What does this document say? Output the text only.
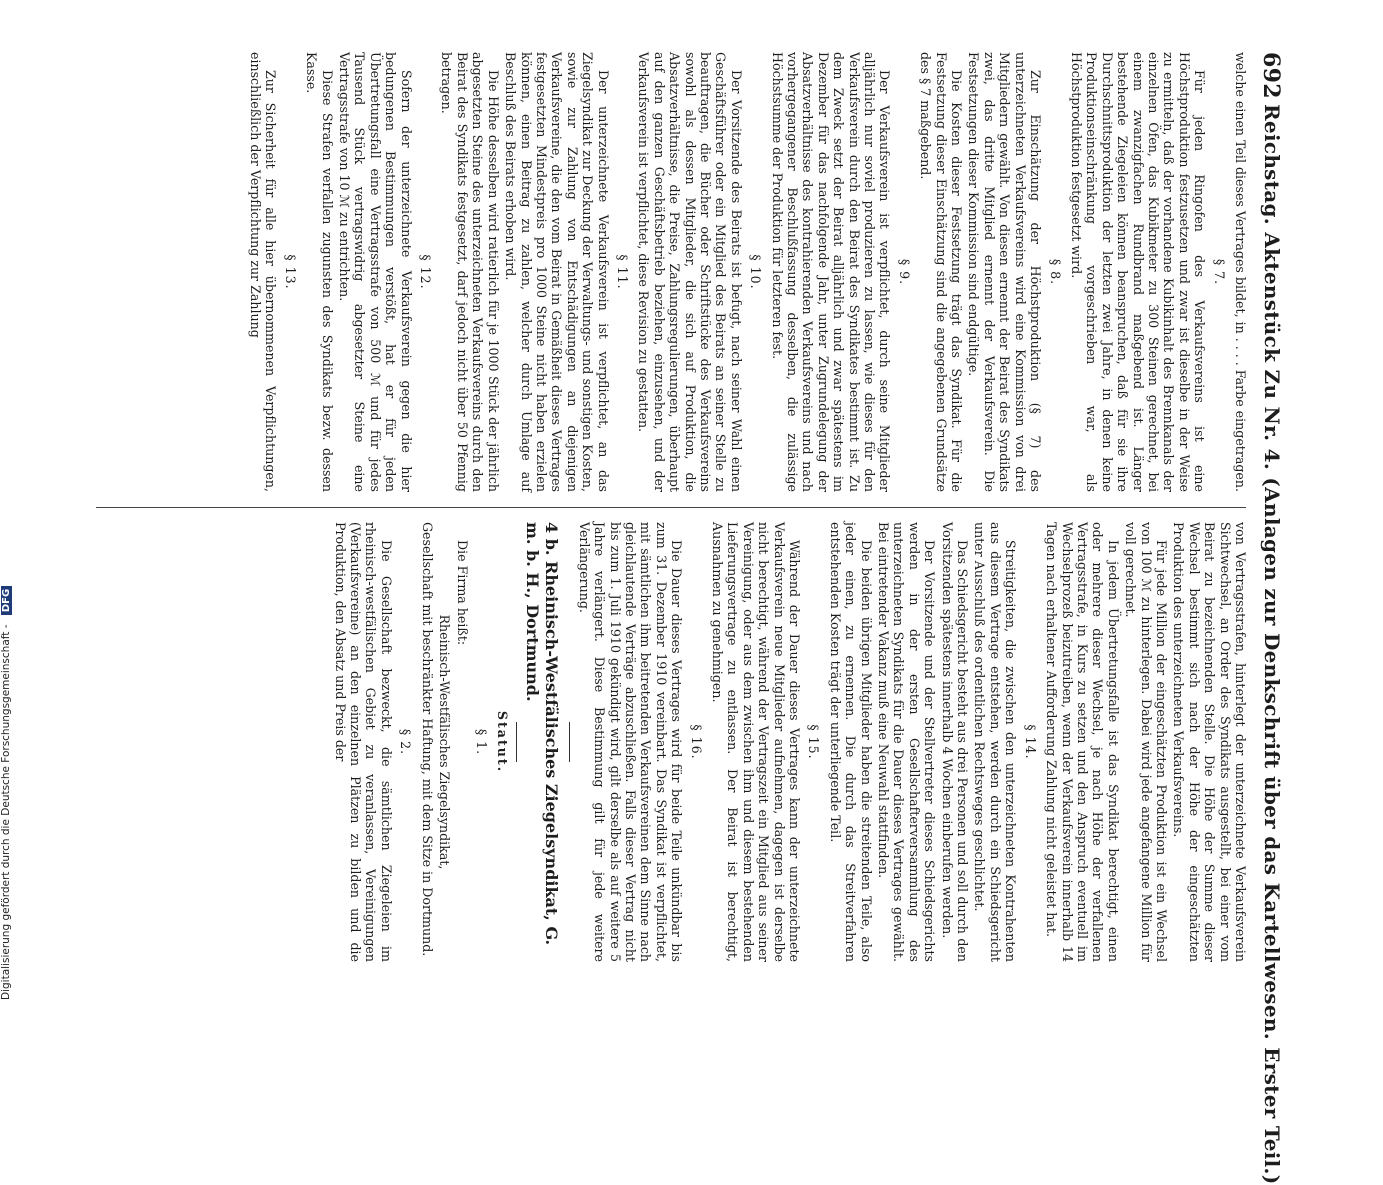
692
Reichstag. Aktenstück Zu Nr. 4. (Anlagen zur Denkschrift über das Kartellwesen. Erster Teil.)

welche einen Teil dieses Vertrages bildet, in . . . . Farbe eingetragen.

§ 7.

Für jeden Ringofen des Verkaufsvereins ist eine Höchstproduktion festzusetzen und zwar ist dieselbe in der Weise zu ermitteln, daß der vorhandene Kubikinhalt des Brennkanals der einzelnen Öfen, das Kubikmeter zu 300 Steinen gerechnet, bei einem zwanzigfachen Rundbrand maßgebend ist. Länger bestehende Ziegeleien können beanspruchen, daß für sie ihre Durchschnittsproduktion der letzten zwei Jahre, in denen keine Produktionseinschränkung vorgeschrieben war, als Höchstproduktion festgesetzt wird.

§ 8.

Zur Einschätzung der Höchstproduktion (§ 7) des unterzeichneten Verkaufsvereins wird eine Kommission von drei Mitgliedern gewählt. Von diesen ernennt der Beirat des Syndikats zwei, das dritte Mitglied ernennt der Verkaufsverein. Die Festsetzungen dieser Kommission sind endgültige.

Die Kosten dieser Festsetzung trägt das Syndikat. Für die Festsetzung dieser Einschätzung sind die angegebenen Grundsätze des § 7 maßgebend.

§ 9.

Der Verkaufsverein ist verpflichtet, durch seine Mitglieder alljährlich nur soviel produzieren zu lassen, wie dieses für den Verkaufsverein durch den Beirat des Syndikates bestimmt ist. Zu dem Zweck setzt der Beirat alljährlich und zwar spätestens im Dezember für das nachfolgende Jahr, unter Zugrundelegung der Absatzverhältnisse des kontrahierenden Verkaufsvereins und nach vorhergegangener Beschlußfassung desselben, die zulässige Höchstsumme der Produktion für letzteren fest.

§ 10.

Der Vorsitzende des Beirats ist befugt, nach seiner Wahl einen Geschäftsführer oder ein Mitglied des Beirats an seiner Stelle zu beauftragen, die Bücher oder Schriftstücke des Verkaufsvereins sowohl als dessen Mitglieder, die sich auf Produktion, die Absatzverhältnisse, die Preise, Zahlungsregulierungen, überhaupt auf den ganzen Geschäftsbetrieb beziehen, einzusehen, und der Verkaufsverein ist verpflichtet, diese Revision zu gestatten.

§ 11.

Der unterzeichnete Verkaufsverein ist verpflichtet, an das Ziegelsyndikat zur Deckung der Verwaltungs- und sonstigen Kosten, sowie zur Zahlung von Entschädigungen an diejenigen Verkaufsvereine, die den vom Beirat in Gemäßheit dieses Vertrages festgesetzten Mindestpreis pro 1000 Steine nicht haben erzielen können, einen Beitrag zu zahlen, welcher durch Umlage auf Beschluß des Beirats erhoben wird.

Die Höhe desselben wird ratierlich für je 1000 Stück der jährlich abgesetzten Steine des unterzeichneten Verkaufsvereins durch den Beirat des Syndikats festgesetzt, darf jedoch nicht über 50 Pfennig betragen.

§ 12.

Sofern der unterzeichnete Verkaufsverein gegen die hier bedungenen Bestimmungen verstößt, hat er für jeden Übertretungsfall eine Vertragsstrafe von 500 ℳ und für jedes Tausend Stück vertragswidrig abgesetzter Steine eine Vertragsstrafe von 10 ℳ zu entrichten.

Diese Strafen verfallen zugunsten des Syndikats bezw. dessen Kasse.

§ 13.

Zur Sicherheit für alle hier übernommenen Verpflichtungen, einschließlich der Verpflichtung zur Zahlung

von Vertragsstrafen, hinterlegt der unterzeichnete Verkaufsverein Sichtwechsel, an Order des Syndikats ausgestellt, bei einer vom Beirat zu bezeichnenden Stelle. Die Höhe der Summe dieser Wechsel bestimmt sich nach der Höhe der eingeschätzten Produktion des unterzeichneten Verkaufsvereins.

Für jede Million der eingeschätzten Produktion ist ein Wechsel von 100 ℳ zu hinterlegen. Dabei wird jede angefangene Million für voll gerechnet.

In jedem Übertretungsfalle ist das Syndikat berechtigt, einen oder mehrere dieser Wechsel, je nach Höhe der verfallenen Vertragsstrafe, in Kurs zu setzen und den Anspruch eventuell im Wechselprozeß beizutreiben, wenn der Verkaufsverein innerhalb 14 Tagen nach erhaltener Aufforderung Zahlung nicht geleistet hat.

§ 14.

Streitigkeiten, die zwischen den unterzeichneten Kontrahenten aus diesem Vertrage entstehen, werden durch ein Schiedsgericht unter Ausschluß des ordentlichen Rechtsweges geschlichtet.

Das Schiedsgericht besteht aus drei Personen und soll durch den Vorsitzenden spätestens innerhalb 4 Wochen einberufen werden.

Der Vorsitzende und der Stellvertreter dieses Schiedsgerichts werden in der ersten Gesellschafterversammlung des unterzeichneten Syndikats für die Dauer dieses Vertrages gewählt. Bei eintretender Vakanz muß eine Neuwahl stattfinden.

Die beiden übrigen Mitglieder haben die streitenden Teile, also jeder einen, zu ernennen. Die durch das Streitverfahren entstehenden Kosten trägt der unterliegende Teil.

§ 15.

Während der Dauer dieses Vertrages kann der unterzeichnete Verkaufsverein neue Mitglieder aufnehmen, dagegen ist derselbe nicht berechtigt, während der Vertragszeit ein Mitglied aus seiner Vereinigung, oder aus dem zwischen ihm und diesem bestehenden Lieferungsvertrage zu entlassen. Der Beirat ist berechtigt, Ausnahmen zu genehmigen.

§ 16.

Die Dauer dieses Vertrages wird für beide Teile unkündbar bis zum 31. Dezember 1910 vereinbart. Das Syndikat ist verpflichtet, mit sämtlichen ihm beitretenden Verkaufsvereinen dem Sinne nach gleichlautende Verträge abzuschließen. Falls dieser Vertrag nicht bis zum 1. Juli 1910 gekündigt wird, gilt derselbe als auf weitere 5 Jahre verlängert. Diese Bestimmung gilt für jede weitere Verlängerung.

4 b. Rheinisch-Westfälisches Ziegelsyndikat, G. m. b. H., Dortmund.
Statut.
§ 1.

Die Firma heißt:

Rheinisch-Westfälisches Ziegelsyndikat,

Gesellschaft mit beschränkter Haftung, mit dem Sitze in Dortmund.

§ 2.

Die Gesellschaft bezweckt, die sämtlichen Ziegeleien im rheinisch-westfälischen Gebiet zu veranlassen, Vereinigungen (Verkaufsvereine) an den einzelnen Plätzen zu bilden und die Produktion, den Absatz und Preis der

Digitalisierung gefördert durch die Deutsche Forschungsgemeinschaft - DFG
